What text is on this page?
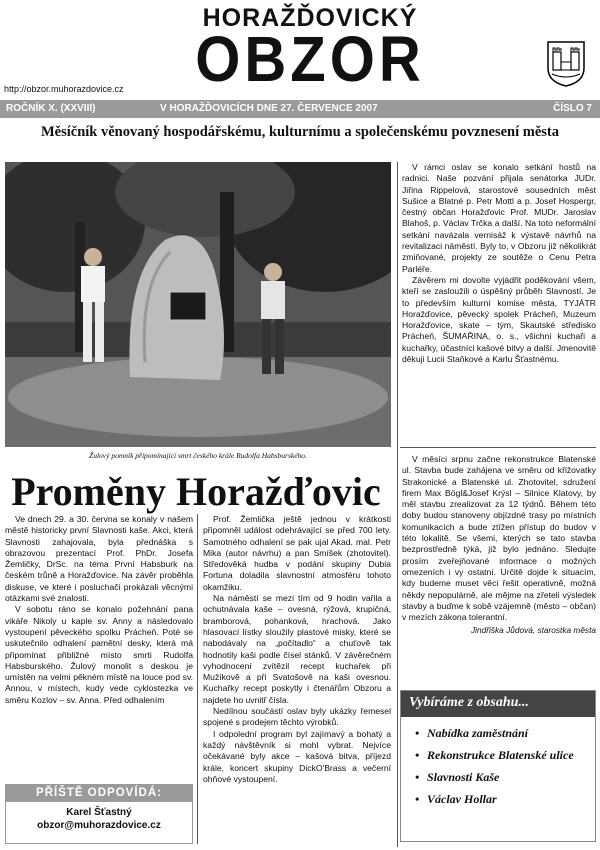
HORAŽĎOVICKÝ
OBZOR
http://obzor.muhorazdovice.cz
ROČNÍK X. (XXVIII)	V HORAŽĎOVICÍCH DNE 27. ČERVENCE 2007	ČÍSLO 7
Měsíčník věnovaný hospodářskému, kulturnímu a společenskému povznesení města
Žulový pomník připomínající smrt českého krále Rudolfa Habsburského.
Proměny Horažďovic

Ve dnech 29. a 30. června se konaly v našem městě historicky první Slavnosti kaše. Akci, která Slavnosti zahajovala, byla přednáška s obrazovou prezentací Prof. PhDr. Josefa Žemličky, DrSc. na téma První Habsburk na českém trůně a Horažďovice. Na závěr proběhla diskuse, ve které i posluchači prokázali věcnými otázkami své znalosti.

V sobotu ráno se konalo požehnání pana vikáře Nikoly u kaple sv. Anny a následovalo vystoupení pěveckého spolku Prácheň. Poté se uskutečnilo odhalení pamětní desky, která má připomínat přibližné místo smrti Rudolfa Habsburského. Žulový monolit s deskou je umístěn na velmi pěkném místě na louce pod sv. Annou, v místech, kudy vede cyklostezka ve směru Kozlov – sv. Anna. Před odhalením

Prof. Žemlička ještě jednou v krátkosti připomněl událost odehrávající se před 700 lety. Samotného odhalení se pak ujal Akad. mal. Petr Mika (autor návrhu) a pan Smíšek (zhotovitel). Středověká hudba v podání skupiny Dubia Fortuna doladila slavnostní atmosféru tohoto okamžiku.

Na náměstí se mezi tím od 9 hodin vařila a ochutnávala kaše – ovesná, rýžová, krupičná, bramborová, pohanková, hrachová. Jako hlasovací lístky sloužily plastové misky, které se nabodávaly na „počítadlo“ a chuťově tak hodnotily kaši podle čísel stánků. V závěrečném vyhodnocení zvítězil recept kuchařek při Mužíkově a při Svatošově na kaši ovesnou. Kuchařky recept poskytly i čtenářům Obzoru a najdete ho uvnitř čísla.

Nedílnou součástí oslav byly ukázky řemesel spojené s prodejem těchto výrobků.

I odpolední program byl zajímavý a bohatý a každý návštěvník si mohl vybrat. Nejvíce očekávané byly akce – kašová bitva, příjezd krále, koncert skupiny DickO'Brass a večerní ohňové vystoupení.

V rámci oslav se konalo setkání hostů na radnici. Naše pozvání přijala senátorka JUDr. Jiřina Rippelová, starostové sousedních měst Sušice a Blatné p. Petr Mottl a p. Josef Hospergr, čestný občan Horažďovic Prof. MUDr. Jaroslav Blahoš, p. Václav Trčka a další. Na toto neformální setkání navázala vernisáž k výstavě návrhů na revitalizaci náměstí. Byly to, v Obzoru již několikrát zmiňované, projekty ze soutěže o Cenu Petra Parléře.

Závěrem mi dovolte vyjádřit poděkování všem, kteří se zasloužili o úspěšný průběh Slavností. Je to především kulturní komise města, TYJÁTR Horažďovice, pěvecký spolek Prácheň, Muzeum Horažďovice, skate – tým, Skautské středisko Prácheň, ŠUMAŘINA, o. s., všichni kuchaři a kuchařky, účastníci kašové bitvy a další. Jmenovitě děkuji Lucii Staňkové a Karlu Šťastnému.

V měsíci srpnu začne rekonstrukce Blatenské ul. Stavba bude zahájena ve směru od křižovatky Strakonické a Blatenské ul. Zhotovitel, sdružení firem Max Bögl&Josef Krýsl – Silnice Klatovy, by měl stavbu zrealizovat za 12 týdnů. Během této doby budou stanoveny objízdné trasy po místních komunikacích a bude ztížen přístup do budov v této lokalitě. Se všemi, kterých se tato stavba bezprostředně týká, již bylo jednáno. Sledujte prosím zveřejňované informace o možných omezeních i vy ostatní. Určitě dojde k situacím, kdy budeme muset věci řešit operativně, možná někdy nepopulárně, ale mějme na zřeteli výsledek stavby a buďme k sobě vzájemně (město – občan) v mezích zákona tolerantní.

Jindřiška Jůdová, starostka města
PŘÍŠTĚ ODPOVÍDÁ:
Karel Šťastný
obzor@muhorazdovice.cz
Vybíráme z obsahu...
• Nabídka zaměstnání
• Rekonstrukce Blatenské ulice
• Slavnosti Kaše
• Václav Hollar
